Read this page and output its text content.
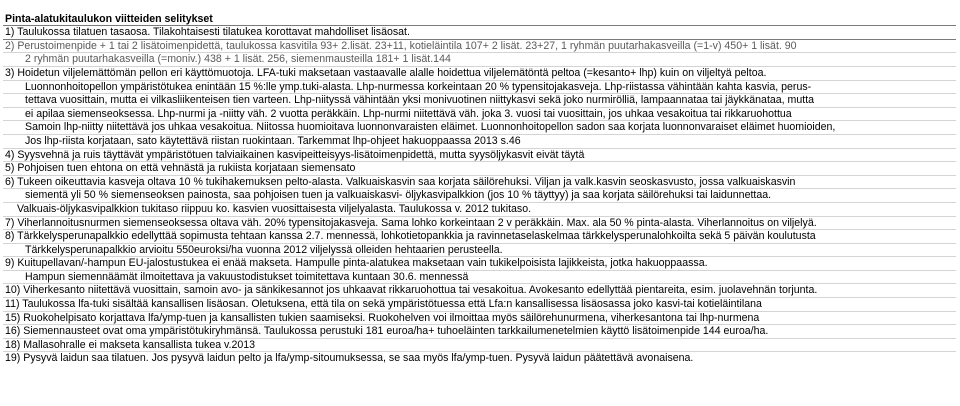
Pinta-alatukitaulukon viitteiden selitykset
1) Taulukossa tilatuen tasaosa. Tilakohtaisesti tilatukea korottavat mahdolliset lisäosat.
2) Perustoimenpide + 1 tai 2 lisätoimenpidettä, taulukossa kasvitila 93+ 2.lisät. 23+11, kotieläintila 107+ 2 lisät. 23+27, 1 ryhmän puutarhakasveilla (=1-v) 450+ 1 lisät. 90
2 ryhmän puutarhakasveilla (=moniv.) 438 + 1 lisät. 256, siemenmausteilla 181+ 1 lisät.144
3) Hoidetun viljelemättömän pellon eri käyttömuotoja. LFA-tuki maksetaan vastaavalle alalle hoidettua viljelemätöntä peltoa (=kesanto+ lhp) kuin on viljeltyä peltoa.
Luonnonhoitopellon ympäristötukea enintään 15 %:lle ymp.tuki-alasta. Lhp-nurmessa korkeintaan 20 % typensitojakasveja. Lhp-riistassa vähintään kahta kasvia, perus-
tettava vuosittain, mutta ei vilkasliikenteisen tien varteen. Lhp-niityssä vähintään yksi monivuotinen niittykasvi sekä joko nurmirölliä, lampaannataa tai jäykkänataa, mutta
ei apilaa siemenseoksessa. Lhp-nurmi ja -niitty väh. 2 vuotta peräkkäin. Lhp-nurmi niitettävä väh. joka 3. vuosi tai vuosittain, jos uhkaa vesakoitua tai rikkaruohottua
Samoin lhp-niitty niitettävä jos uhkaa vesakoitua. Niitossa huomioitava luonnonvaraisten eläimet. Luonnonhoitopellon sadon saa korjata luonnonvaraiset eläimet huomioiden,
Jos lhp-riista korjataan, sato käytettävä riistan ruokintaan. Tarkemmat lhp-ohjeet hakuoppaassa 2013 s.46
4) Syysvehnä ja ruis täyttävät ympäristötuen talviaikainen kasvipeitteisyys-lisätoimenpidettä, mutta syysöljykasvit eivät täytä
5) Pohjoisen tuen ehtona on että vehnästä ja rukiista korjataan siemensato
6) Tukeen oikeuttavia kasveja oltava 10 % tukihakemuksen pelto-alasta. Valkuaiskasvin saa korjata säilörehuksi. Viljan ja valk.kasvin seoskasvusto, jossa valkuaiskasvin
siementä yli 50 % siemenseoksen painosta, saa pohjoisen tuen ja valkuaiskasvi- öljykasvipalkkion (jos 10 % täyttyy) ja saa korjata säilörehuksi tai laidunnettaa.
Valkuais-öljykasvipalkkion tukitaso riippuu ko. kasvien vuosittaisesta viljelyalasta. Taulukossa v. 2012 tukitaso.
7) Viherlannoitusnurmen siemenseoksessa oltava väh. 20% typensitojakasveja. Sama lohko korkeintaan 2 v peräkkäin. Max. ala 50 % pinta-alasta. Viherlannoitus on viljelyä.
8) Tärkkelysperunapalkkio edellyttää sopimusta tehtaan kanssa 2.7. mennessä, lohkotietopankkia ja ravinnetaselaskelmaa tärkkelysperunalohkoilta sekä 5 päivän koulutusta
Tärkkelysperunapalkkio arvioitu 550euroksi/ha vuonna 2012 viljelyssä olleiden hehtaarien perusteella.
9) Kuitupellavan/-hampun EU-jalostustukea ei enää makseta. Hampulle pinta-alatukea maksetaan vain tukikelpoisista lajikkeista, jotka hakuoppaassa.
Hampun siemennäämät ilmoitettava ja vakuustodistukset toimitettava kuntaan 30.6. mennessä
10) Viherkesanto niitettävä vuosittain, samoin avo- ja sänkikesannot jos uhkaavat rikkaruohottua tai vesakoitua. Avokesanto edellyttää pientareita, esim. juolavehnän torjunta.
11) Taulukossa lfa-tuki sisältää kansallisen lisäosan. Oletuksena, että tila on sekä ympäristötuessa että Lfa:n kansallisessa lisäosassa joko kasvi-tai kotieläintilana
15) Ruokohelpisato korjattava lfa/ymp-tuen ja kansallisten tukien saamiseksi. Ruokohelven voi ilmoittaa myös säilörehunurmena, viherkesantona tai lhp-nurmena
16) Siemennausteet ovat oma ympäristötukiryhmänsä. Taulukossa perustuki 181 euroa/ha+ tuhoeläinten tarkkailumenetelmien käyttö lisätoimenpide 144 euroa/ha.
18) Mallasohralle ei makseta kansallista tukea v.2013
19) Pysyvä laidun saa tilatuen. Jos pysyvä laidun pelto ja lfa/ymp-sitoumuksessa, se saa myös lfa/ymp-tuen. Pysyvä laidun päätettävä avonaisena.
